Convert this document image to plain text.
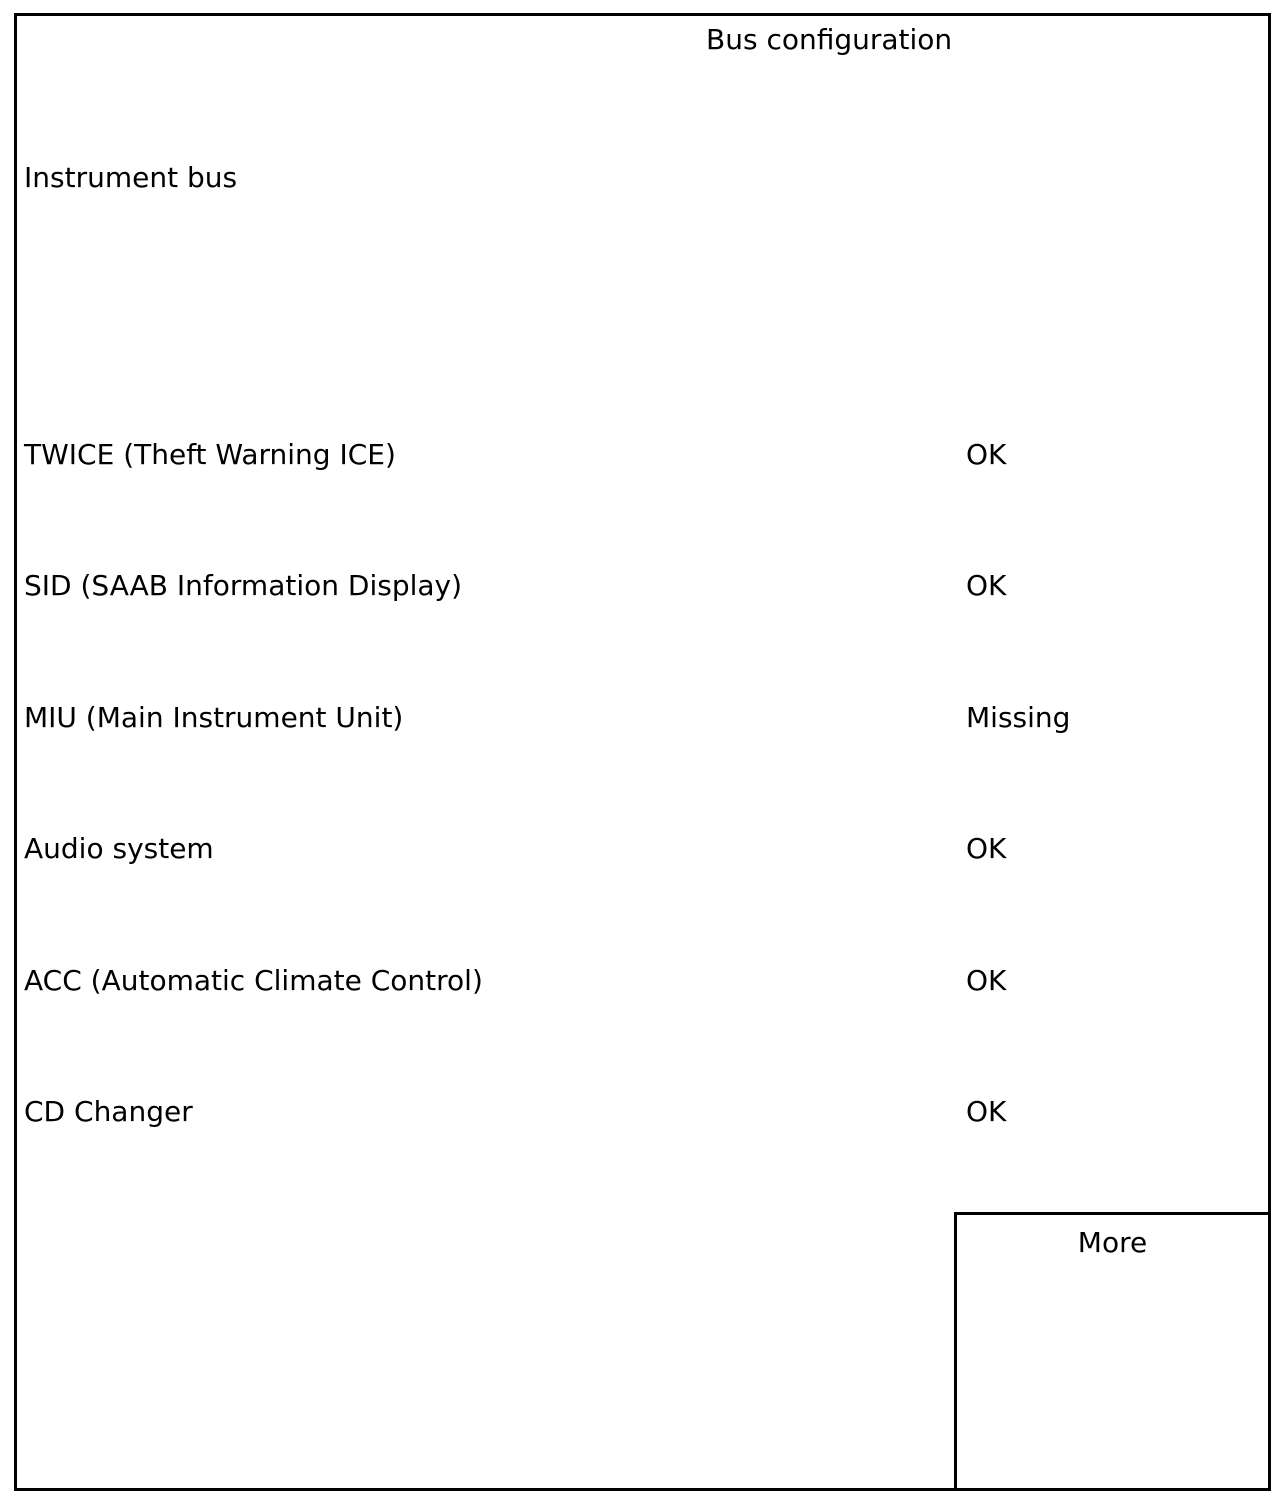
Bus configuration
Instrument bus
TWICE (Theft Warning ICE)	OK
SID (SAAB Information Display)	OK
MIU (Main Instrument Unit)	Missing
Audio system	OK
ACC (Automatic Climate Control)	OK
CD Changer	OK
More
